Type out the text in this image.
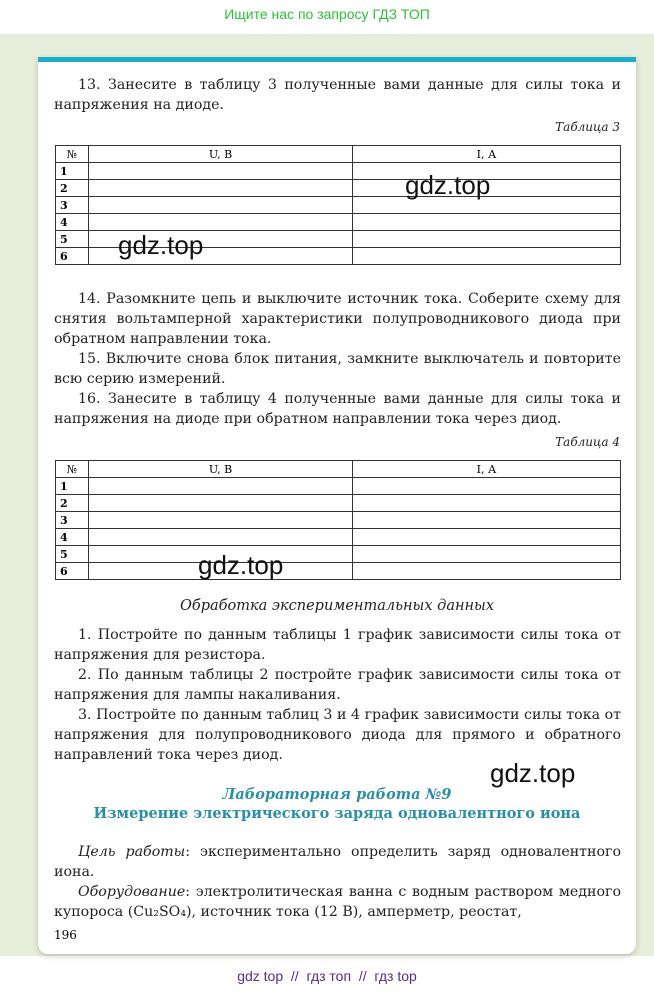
Ищите нас по запросу ГДЗ ТОП
13. Занесите в таблицу 3 полученные вами данные для силы тока и напряжения на диоде.
Таблица 3
№	U, В	I, А
1		
2		
3		
4		
5		
6		
gdz.top
gdz.top
14. Разомкните цепь и выключите источник тока. Соберите схему для снятия вольтамперной характеристики полупроводникового диода при обратном направлении тока.
15. Включите снова блок питания, замкните выключатель и повторите всю серию измерений.
16. Занесите в таблицу 4 полученные вами данные для силы тока и напряжения на диоде при обратном направлении тока через диод.
Таблица 4
№	U, В	I, А
1		
2		
3		
4		
5		
6			gdz.top
Обработка экспериментальных данных
1. Постройте по данным таблицы 1 график зависимости силы тока от напряжения для резистора.
2. По данным таблицы 2 постройте график зависимости силы тока от напряжения для лампы накаливания.
3. Постройте по данным таблиц 3 и 4 график зависимости силы тока от напряжения для полупроводникового диода для прямого и обратного направлений тока через диод.
gdz.top
Лабораторная работа №9
Измерение электрического заряда одновалентного иона
Цель работы: экспериментально определить заряд одновалентного иона.
Оборудование: электролитическая ванна с водным раствором медного купороса (Cu₂SO₄), источник тока (12 В), амперметр, реостат,
196
gdz top  //  гдз топ  //  гдз top
